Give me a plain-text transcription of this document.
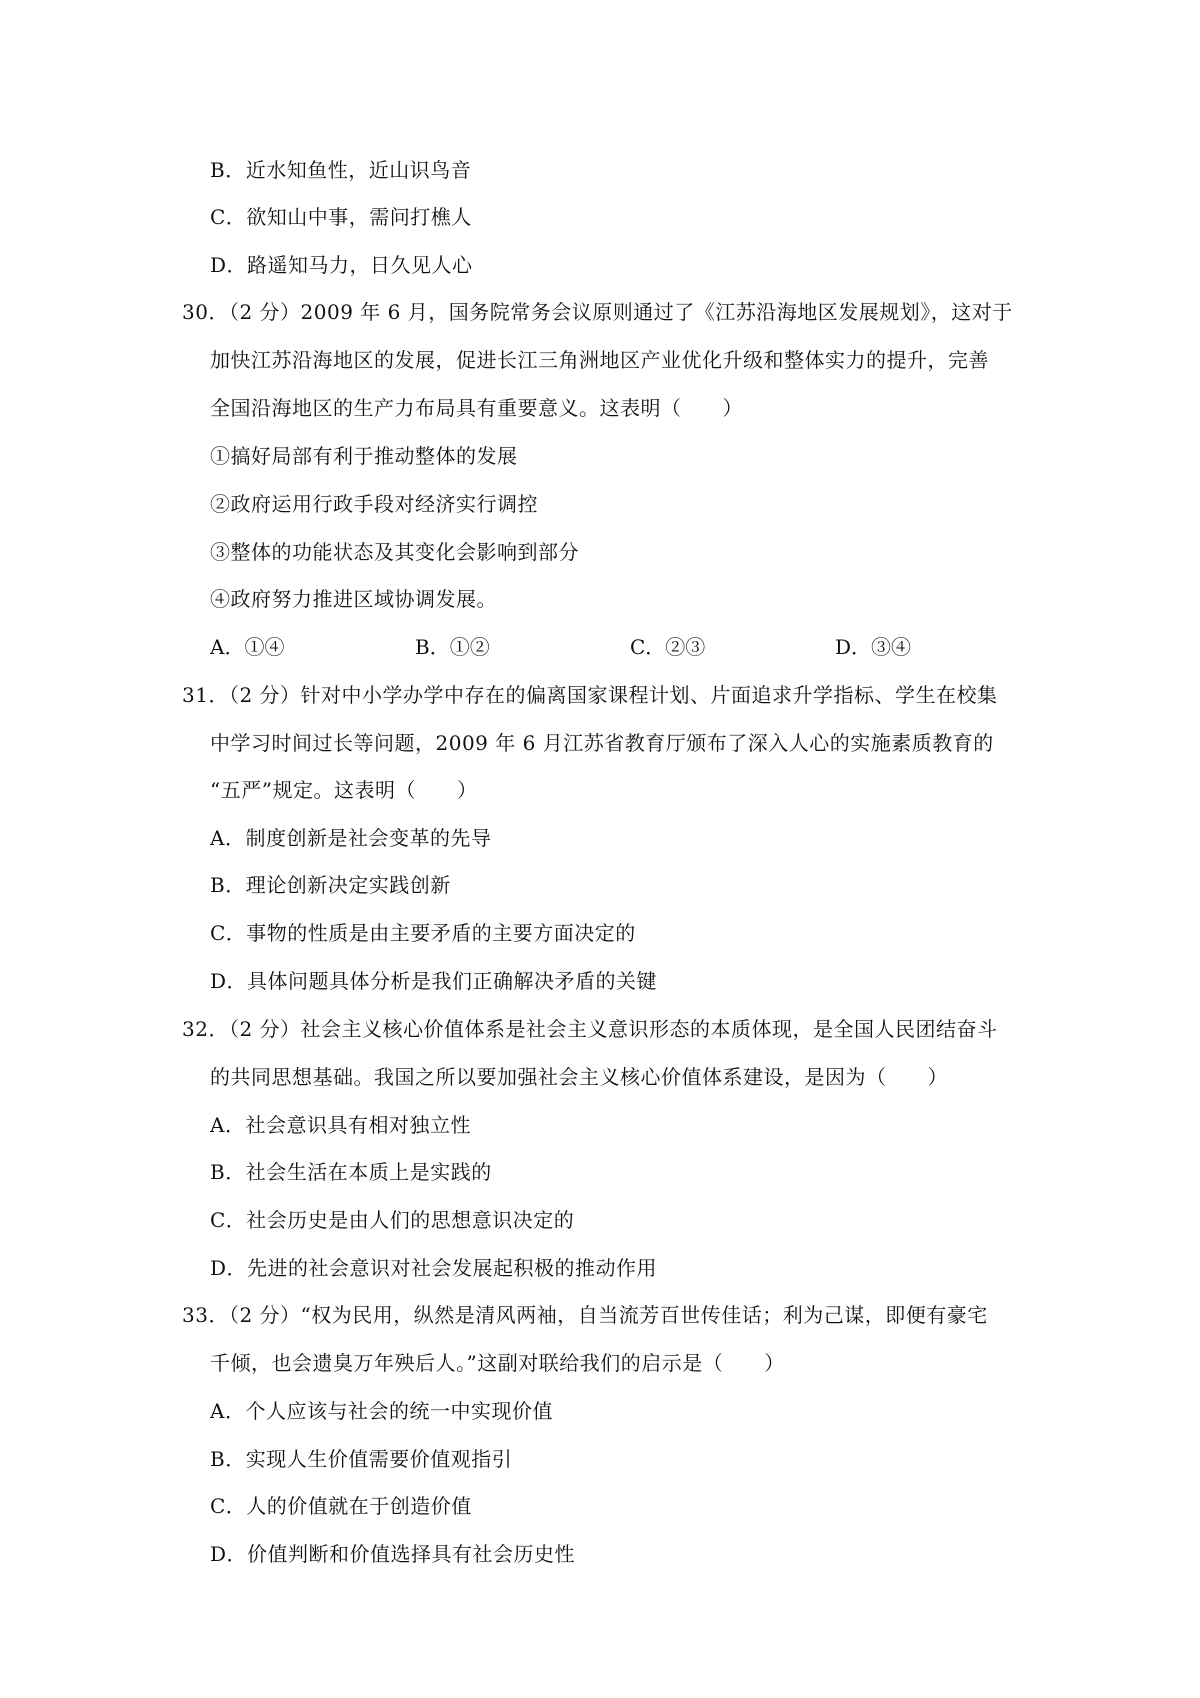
B．近水知鱼性，近山识鸟音
C．欲知山中事，需问打樵人
D．路遥知马力，日久见人心
30．（2 分）2009 年 6 月，国务院常务会议原则通过了《江苏沿海地区发展规划》，这对于
加快江苏沿海地区的发展，促进长江三角洲地区产业优化升级和整体实力的提升，完善
全国沿海地区的生产力布局具有重要意义。这表明（　　）
①搞好局部有利于推动整体的发展
②政府运用行政手段对经济实行调控
③整体的功能状态及其变化会影响到部分
④政府努力推进区域协调发展。
A．①④	B．①②	C．②③	D．③④
31．（2 分）针对中小学办学中存在的偏离国家课程计划、片面追求升学指标、学生在校集
中学习时间过长等问题，2009 年 6 月江苏省教育厅颁布了深入人心的实施素质教育的
“五严”规定。这表明（　　）
A．制度创新是社会变革的先导
B．理论创新决定实践创新
C．事物的性质是由主要矛盾的主要方面决定的
D．具体问题具体分析是我们正确解决矛盾的关键
32．（2 分）社会主义核心价值体系是社会主义意识形态的本质体现，是全国人民团结奋斗
的共同思想基础。我国之所以要加强社会主义核心价值体系建设，是因为（　　）
A．社会意识具有相对独立性
B．社会生活在本质上是实践的
C．社会历史是由人们的思想意识决定的
D．先进的社会意识对社会发展起积极的推动作用
33．（2 分）“权为民用，纵然是清风两袖，自当流芳百世传佳话；利为己谋，即便有豪宅
千倾，也会遗臭万年殃后人。”这副对联给我们的启示是（　　）
A．个人应该与社会的统一中实现价值
B．实现人生价值需要价值观指引
C．人的价值就在于创造价值
D．价值判断和价值选择具有社会历史性
